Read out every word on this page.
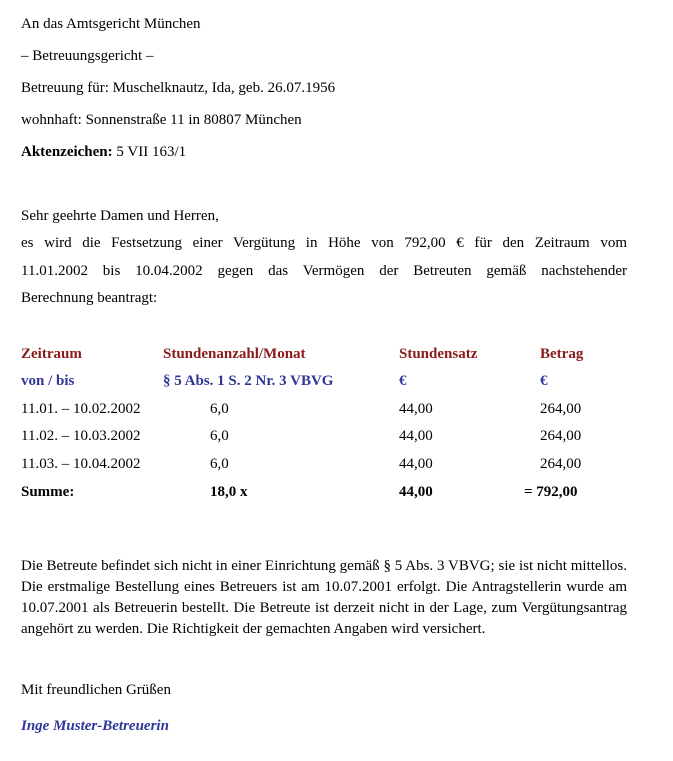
An das Amtsgericht München
– Betreuungsgericht –
Betreuung für: Muschelknautz, Ida, geb. 26.07.1956
wohnhaft: Sonnenstraße 11 in 80807 München
Aktenzeichen: 5 VII 163/1
Sehr geehrte Damen und Herren,
es wird die Festsetzung einer Vergütung in Höhe von 792,00 € für den Zeitraum vom
11.01.2002 bis 10.04.2002 gegen das Vermögen der Betreuten gemäß nachstehender
Berechnung beantragt:
Zeitraum	Stundenanzahl/Monat	Stundensatz	Betrag
von / bis	§ 5 Abs. 1 S. 2 Nr. 3 VBVG	€	€
11.01. – 10.02.2002	6,0	44,00	264,00
11.02. – 10.03.2002	6,0	44,00	264,00
11.03. – 10.04.2002	6,0	44,00	264,00
Summe:	18,0 x	44,00	= 792,00
Die Betreute befindet sich nicht in einer Einrichtung gemäß § 5 Abs. 3 VBVG; sie ist nicht mittellos. Die erstmalige Bestellung eines Betreuers ist am 10.07.2001 erfolgt. Die Antragstellerin wurde am 10.07.2001 als Betreuerin bestellt. Die Betreute ist derzeit nicht in der Lage, zum Vergütungsantrag angehört zu werden. Die Richtigkeit der gemachten Angaben wird versichert.
Mit freundlichen Grüßen
Inge Muster-Betreuerin
